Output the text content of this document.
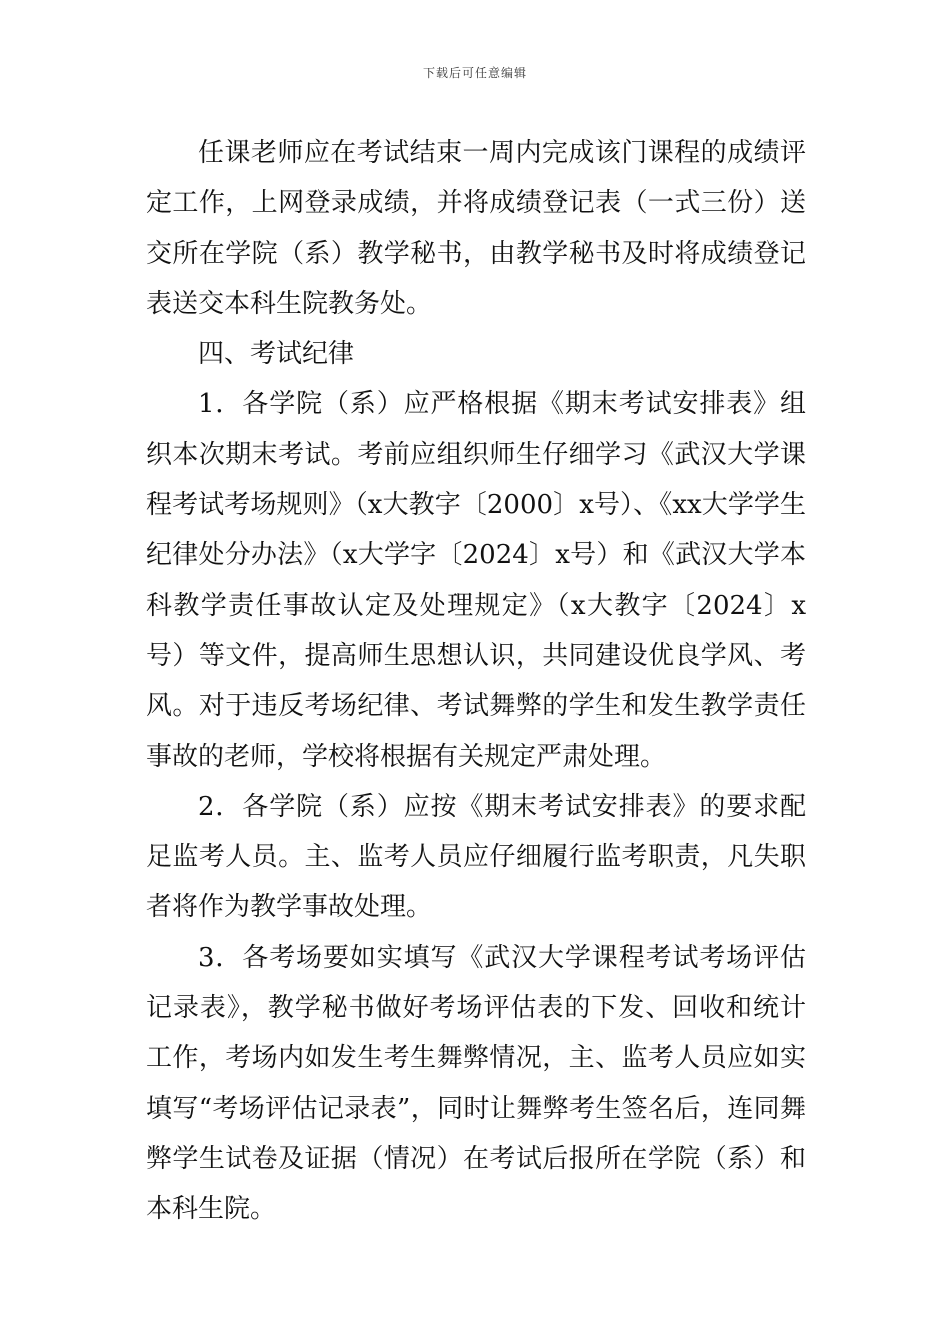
下载后可任意编辑

任课老师应在考试结束一周内完成该门课程的成绩评定工作，上网登录成绩，并将成绩登记表（一式三份）送交所在学院（系）教学秘书，由教学秘书及时将成绩登记表送交本科生院教务处。

四、考试纪律

1．各学院（系）应严格根据《期末考试安排表》组织本次期末考试。考前应组织师生仔细学习《武汉大学课程考试考场规则》（x大教字〔2000〕x号）、《xx大学学生纪律处分办法》（x大学字〔2024〕x号）和《武汉大学本科教学责任事故认定及处理规定》（x大教字〔2024〕x号）等文件，提高师生思想认识，共同建设优良学风、考风。对于违反考场纪律、考试舞弊的学生和发生教学责任事故的老师，学校将根据有关规定严肃处理。

2．各学院（系）应按《期末考试安排表》的要求配足监考人员。主、监考人员应仔细履行监考职责，凡失职者将作为教学事故处理。

3．各考场要如实填写《武汉大学课程考试考场评估记录表》，教学秘书做好考场评估表的下发、回收和统计工作，考场内如发生考生舞弊情况，主、监考人员应如实填写“考场评估记录表”，同时让舞弊考生签名后，连同舞弊学生试卷及证据（情况）在考试后报所在学院（系）和本科生院。
